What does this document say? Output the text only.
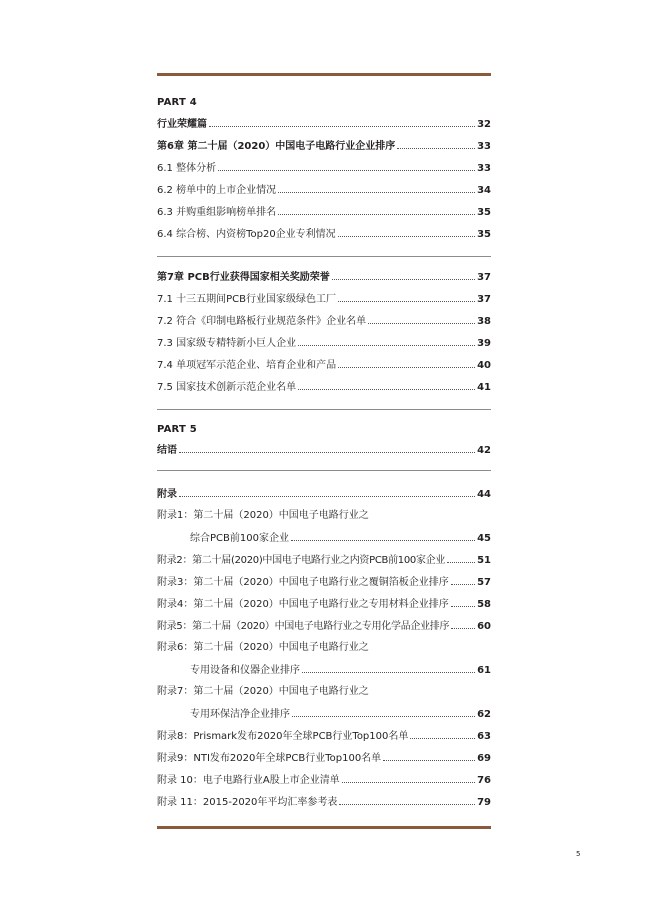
PART 4
行业荣耀篇	32
第6章 第二十届（2020）中国电子电路行业企业排序	33
6.1 整体分析	33
6.2 榜单中的上市企业情况	34
6.3 并购重组影响榜单排名	35
6.4 综合榜、内资榜Top20企业专利情况	35
第7章 PCB行业获得国家相关奖励荣誉	37
7.1 十三五期间PCB行业国家级绿色工厂	37
7.2 符合《印制电路板行业规范条件》企业名单	38
7.3 国家级专精特新小巨人企业	39
7.4 单项冠军示范企业、培育企业和产品	40
7.5 国家技术创新示范企业名单	41
PART 5
结语	42
附录	44
附录1：第二十届（2020）中国电子电路行业之
综合PCB前100家企业	45
附录2：第二十届(2020)中国电子电路行业之内资PCB前100家企业	51
附录3：第二十届（2020）中国电子电路行业之覆铜箔板企业排序	57
附录4：第二十届（2020）中国电子电路行业之专用材料企业排序	58
附录5：第二十届（2020）中国电子电路行业之专用化学品企业排序	60
附录6：第二十届（2020）中国电子电路行业之
专用设备和仪器企业排序	61
附录7：第二十届（2020）中国电子电路行业之
专用环保洁净企业排序	62
附录8：Prismark发布2020年全球PCB行业Top100名单	63
附录9：NTI发布2020年全球PCB行业Top100名单	69
附录 10：电子电路行业A股上市企业清单	76
附录 11：2015-2020年平均汇率参考表	79
5
